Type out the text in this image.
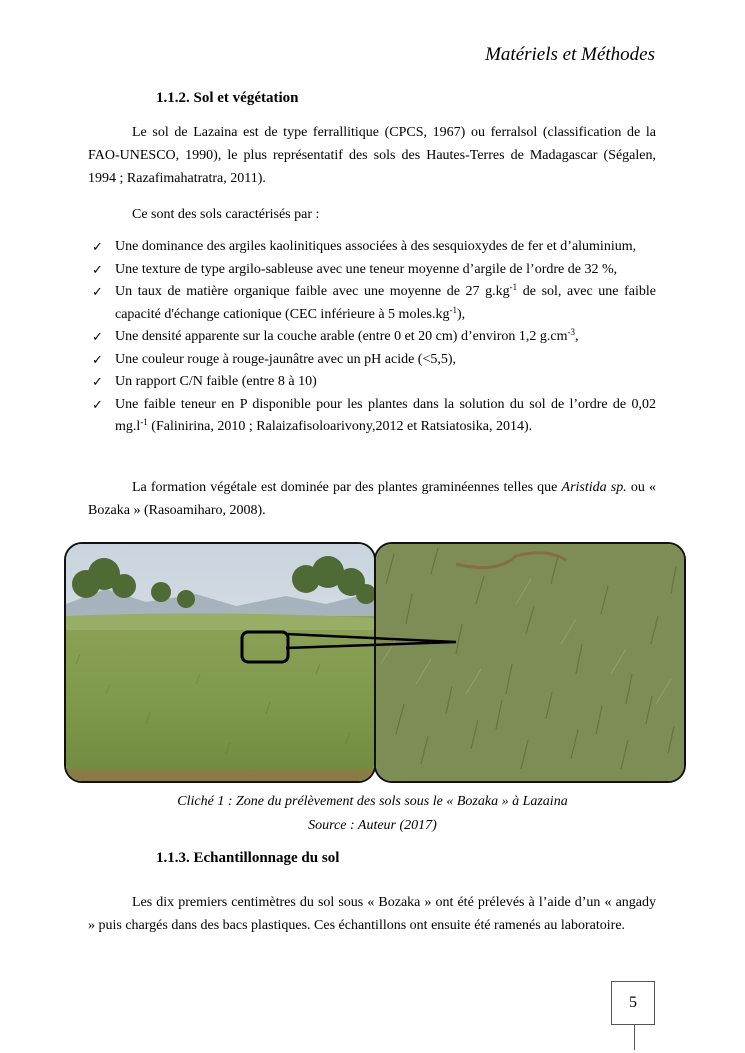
Matériels et Méthodes
1.1.2. Sol et végétation
Le sol de Lazaina est de type ferrallitique (CPCS, 1967) ou ferralsol (classification de la FAO-UNESCO, 1990), le plus représentatif des sols des Hautes-Terres de Madagascar (Ségalen, 1994 ; Razafimahatratra, 2011).
Ce sont des sols caractérisés par :
✓ Une dominance des argiles kaolinitiques associées à des sesquioxydes de fer et d’aluminium,
✓ Une texture de type argilo-sableuse avec une teneur moyenne d’argile de l’ordre de 32 %,
✓ Un taux de matière organique faible avec une moyenne de 27 $g.kg^{-1}$ de sol, avec une faible capacité d'échange cationique (CEC inférieure à 5 $moles.kg^{-1}$),
✓ Une densité apparente sur la couche arable (entre 0 et 20 cm) d’environ 1,2 $g.cm^{-3}$,
✓ Une couleur rouge à rouge-jaunâtre avec un pH acide (<5,5),
✓ Un rapport C/N faible (entre 8 à 10)
✓ Une faible teneur en P disponible pour les plantes dans la solution du sol de l’ordre de 0,02 $mg.l^{-1}$ (Falinirina, 2010 ; Ralaizafisoloarivony,2012 et Ratsiatosika, 2014).
La formation végétale est dominée par des plantes graminéennes telles que Aristida sp. ou « Bozaka » (Rasoamiharo, 2008).
Cliché 1 : Zone du prélèvement des sols sous le « Bozaka » à Lazaina
Source : Auteur (2017)
1.1.3. Echantillonnage du sol
Les dix premiers centimètres du sol sous « Bozaka » ont été prélevés à l’aide d’un « angady » puis chargés dans des bacs plastiques. Ces échantillons ont ensuite été ramenés au laboratoire.
5
